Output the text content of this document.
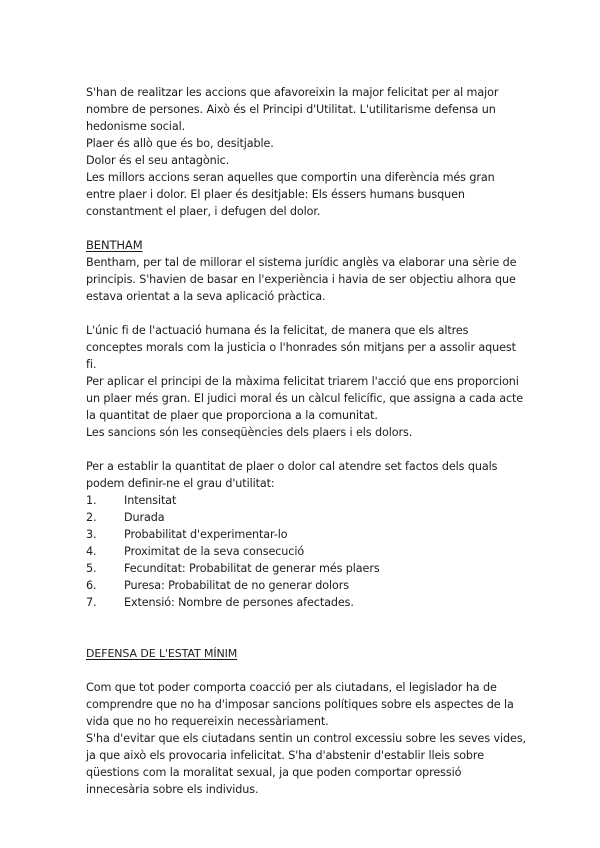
S'han de realitzar les accions que afavoreixin la major felicitat per al major nombre de persones. Això és el Principi d'Utilitat. L'utilitarisme defensa un hedonisme social.

Plaer és allò que és bo, desitjable.

Dolor és el seu antagònic.

Les millors accions seran aquelles que comportin una diferència més gran entre plaer i dolor. El plaer és desitjable: Els éssers humans busquen constantment el plaer, i defugen del dolor.

BENTHAM

Bentham, per tal de millorar el sistema jurídic anglès va elaborar una sèrie de principis. S'havien de basar en l'experiència i havia de ser objectiu alhora que estava orientat a la seva aplicació pràctica.

L'únic fi de l'actuació humana és la felicitat, de manera que els altres conceptes morals com la justicia o l'honrades són mitjans per a assolir aquest fi.

Per aplicar el principi de la màxima felicitat triarem l'acció que ens proporcioni un plaer més gran. El judici moral és un càlcul felicífic, que assigna a cada acte la quantitat de plaer que proporciona a la comunitat.

Les sancions són les conseqüències dels plaers i els dolors.

Per a establir la quantitat de plaer o dolor cal atendre set factos dels quals podem definir-ne el grau d'utilitat:

1.	Intensitat
2.	Durada
3.	Probabilitat d'experimentar-lo
4.	Proximitat de la seva consecució
5.	Fecunditat: Probabilitat de generar més plaers
6.	Puresa: Probabilitat de no generar dolors
7.	Extensió: Nombre de persones afectades.

DEFENSA DE L'ESTAT MÍNIM

Com que tot poder comporta coacció per als ciutadans, el legislador ha de comprendre que no ha d'imposar sancions polítiques sobre els aspectes de la vida que no ho requereixin necessàriament.

S'ha d'evitar que els ciutadans sentin un control excessiu sobre les seves vides, ja que això els provocaria infelicitat. S'ha d'abstenir d'establir lleis sobre qüestions com la moralitat sexual, ja que poden comportar opressió innecesària sobre els individus.
